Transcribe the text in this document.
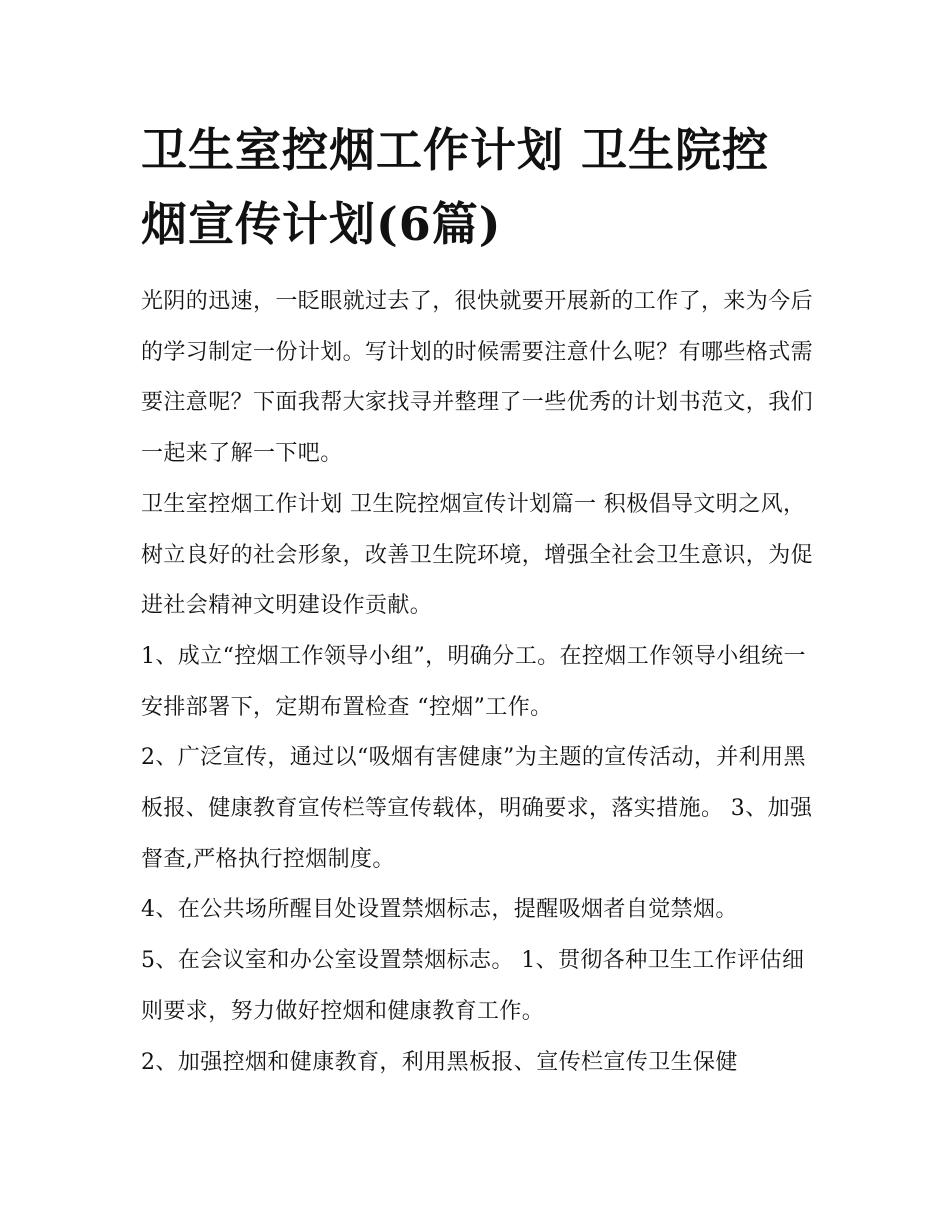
卫生室控烟工作计划 卫生院控烟宣传计划(6篇)

光阴的迅速，一眨眼就过去了，很快就要开展新的工作了，来为今后的学习制定一份计划。写计划的时候需要注意什么呢？有哪些格式需要注意呢？下面我帮大家找寻并整理了一些优秀的计划书范文，我们一起来了解一下吧。

卫生室控烟工作计划 卫生院控烟宣传计划篇一 积极倡导文明之风，树立良好的社会形象，改善卫生院环境，增强全社会卫生意识，为促进社会精神文明建设作贡献。

1、成立“控烟工作领导小组”，明确分工。在控烟工作领导小组统一安排部署下，定期布置检查 “控烟”工作。

2、广泛宣传，通过以“吸烟有害健康”为主题的宣传活动，并利用黑板报、健康教育宣传栏等宣传载体，明确要求，落实措施。 3、加强督查,严格执行控烟制度。

4、在公共场所醒目处设置禁烟标志，提醒吸烟者自觉禁烟。

5、在会议室和办公室设置禁烟标志。 1、贯彻各种卫生工作评估细则要求，努力做好控烟和健康教育工作。

2、加强控烟和健康教育，利用黑板报、宣传栏宣传卫生保健
